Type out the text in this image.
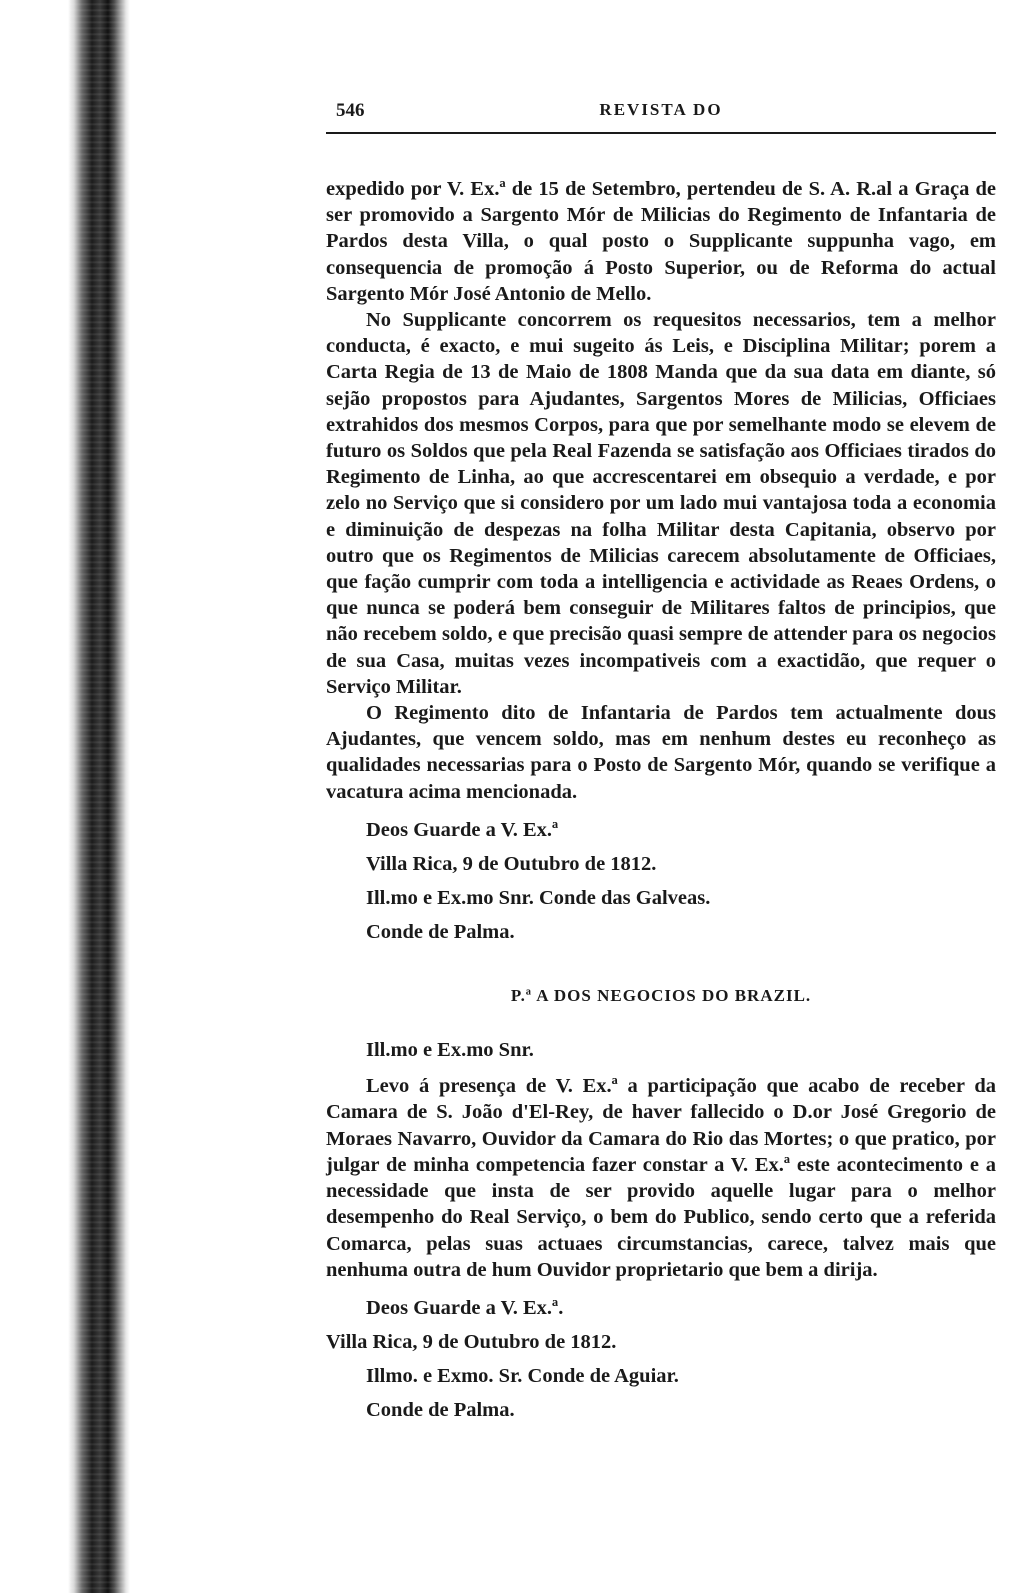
546	REVISTA DO

expedido por V. Ex.ª de 15 de Setembro, pertendeu de S. A. R.al a Graça de ser promovido a Sargento Mór de Milicias do Regimento de Infantaria de Pardos desta Villa, o qual posto o Supplicante suppunha vago, em consequencia de promoção á Posto Superior, ou de Reforma do actual Sargento Mór José Antonio de Mello.

No Supplicante concorrem os requesitos necessarios, tem a melhor conducta, é exacto, e mui sugeito ás Leis, e Disciplina Militar; porem a Carta Regia de 13 de Maio de 1808 Manda que da sua data em diante, só sejão propostos para Ajudantes, Sargentos Mores de Milicias, Officiaes extrahidos dos mesmos Corpos, para que por semelhante modo se elevem de futuro os Soldos que pela Real Fazenda se satisfação aos Officiaes tirados do Regimento de Linha, ao que accrescentarei em obsequio a verdade, e por zelo no Serviço que si considero por um lado mui vantajosa toda a economia e diminuição de despezas na folha Militar desta Capitania, observo por outro que os Regimentos de Milicias carecem absolutamente de Officiaes, que fação cumprir com toda a intelligencia e actividade as Reaes Ordens, o que nunca se poderá bem conseguir de Militares faltos de principios, que não recebem soldo, e que precisão quasi sempre de attender para os negocios de sua Casa, muitas vezes incompativeis com a exactidão, que requer o Serviço Militar.

O Regimento dito de Infantaria de Pardos tem actualmente dous Ajudantes, que vencem soldo, mas em nenhum destes eu reconheço as qualidades necessarias para o Posto de Sargento Mór, quando se verifique a vacatura acima mencionada.

Deos Guarde a V. Ex.ª

Villa Rica, 9 de Outubro de 1812.

Ill.mo e Ex.mo Snr. Conde das Galveas.

Conde de Palma.

P.ª A DOS NEGOCIOS DO BRAZIL.

Ill.mo e Ex.mo Snr.

Levo á presença de V. Ex.ª a participação que acabo de receber da Camara de S. João d'El-Rey, de haver fallecido o D.or José Gregorio de Moraes Navarro, Ouvidor da Camara do Rio das Mortes; o que pratico, por julgar de minha competencia fazer constar a V. Ex.ª este acontecimento e a necessidade que insta de ser provido aquelle lugar para o melhor desempenho do Real Serviço, o bem do Publico, sendo certo que a referida Comarca, pelas suas actuaes circumstancias, carece, talvez mais que nenhuma outra de hum Ouvidor proprietario que bem a dirija.

Deos Guarde a V. Ex.ª.

Villa Rica, 9 de Outubro de 1812.

Illmo. e Exmo. Sr. Conde de Aguiar.

Conde de Palma.
